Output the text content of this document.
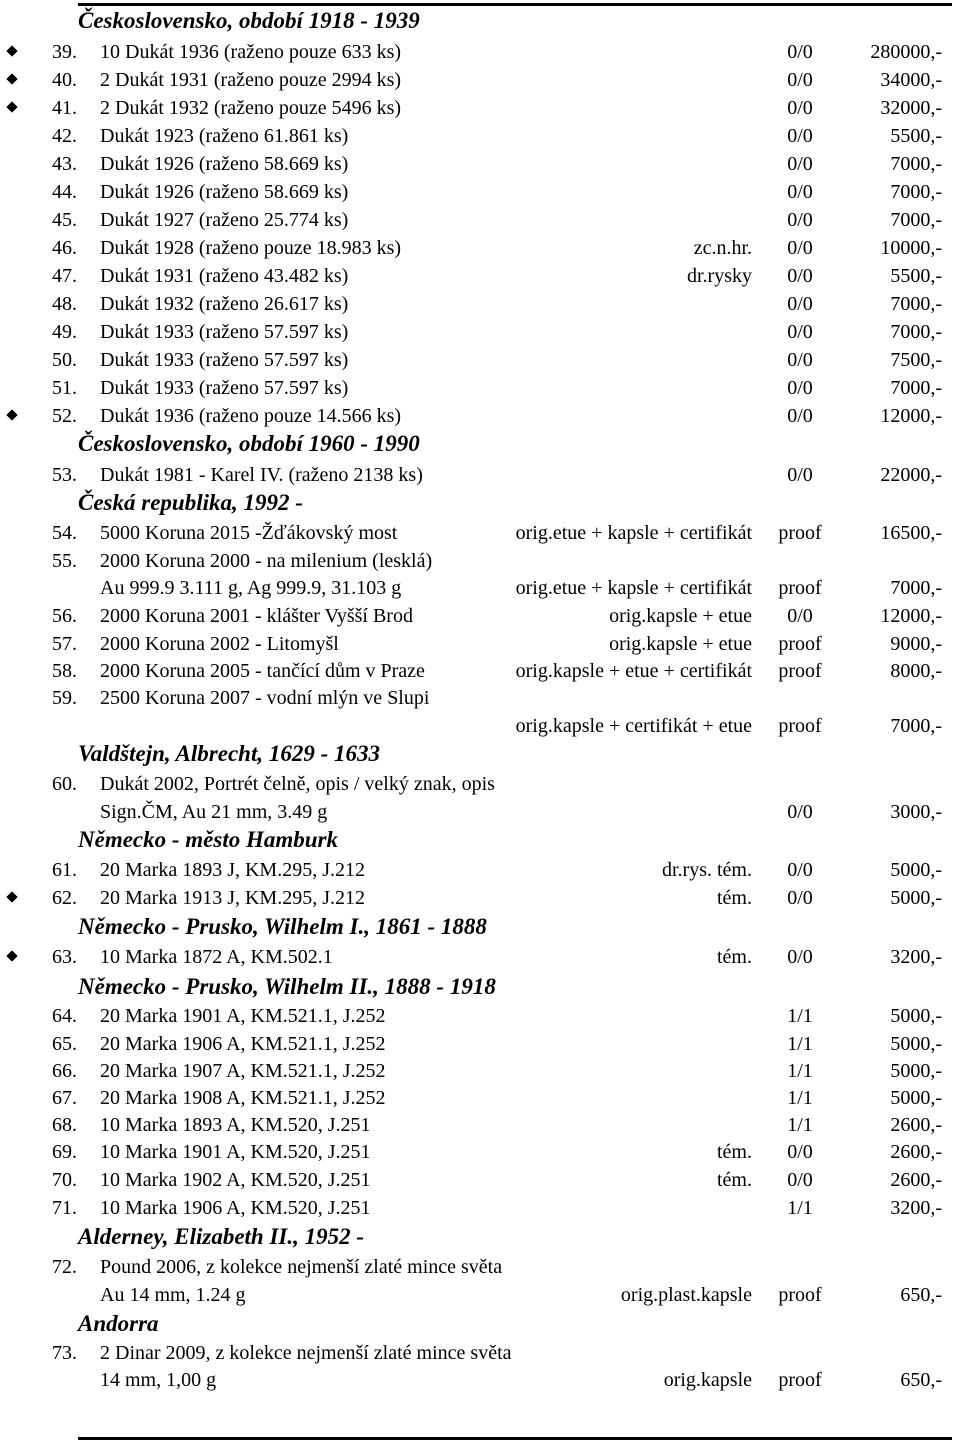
Československo, období 1918 - 1939
Československo, období 1960 - 1990
Česká republika, 1992 -
Valdštejn, Albrecht, 1629 - 1633
Německo - město Hamburk
Německo - Prusko, Wilhelm I., 1861 - 1888
Německo - Prusko, Wilhelm II., 1888 - 1918
Alderney, Elizabeth II., 1952 -
Andorra
39. 10 Dukát 1936 (raženo pouze 633 ks)	0/0	280000,-
40. 2 Dukát 1931 (raženo pouze 2994 ks)	0/0	34000,-
41. 2 Dukát 1932 (raženo pouze 5496 ks)	0/0	32000,-
42. Dukát 1923 (raženo 61.861 ks)	0/0	5500,-
43. Dukát 1926 (raženo 58.669 ks)	0/0	7000,-
44. Dukát 1926 (raženo 58.669 ks)	0/0	7000,-
45. Dukát 1927 (raženo 25.774 ks)	0/0	7000,-
46. Dukát 1928 (raženo pouze 18.983 ks)	zc.n.hr.	0/0	10000,-
47. Dukát 1931 (raženo 43.482 ks)	dr.rysky	0/0	5500,-
48. Dukát 1932 (raženo 26.617 ks)	0/0	7000,-
49. Dukát 1933 (raženo 57.597 ks)	0/0	7000,-
50. Dukát 1933 (raženo 57.597 ks)	0/0	7500,-
51. Dukát 1933 (raženo 57.597 ks)	0/0	7000,-
52. Dukát 1936 (raženo pouze 14.566 ks)	0/0	12000,-
53. Dukát 1981 - Karel IV. (raženo 2138 ks)	0/0	22000,-
54. 5000 Koruna 2015 -Žďákovský most	orig.etue + kapsle + certifikát	proof	16500,-
55. 2000 Koruna 2000 - na milenium (lesklá)
Au 999.9 3.111 g, Ag 999.9, 31.103 g	orig.etue + kapsle + certifikát	proof	7000,-
56. 2000 Koruna 2001 - klášter Vyšší Brod	orig.kapsle + etue	0/0	12000,-
57. 2000 Koruna 2002 - Litomyšl	orig.kapsle + etue	proof	9000,-
58. 2000 Koruna 2005 - tančící dům v Praze	orig.kapsle + etue + certifikát	proof	8000,-
59. 2500 Koruna 2007 - vodní mlýn ve Slupi
orig.kapsle + certifikát + etue	proof	7000,-
60. Dukát 2002, Portrét čelně, opis / velký znak, opis
Sign.ČM, Au 21 mm, 3.49 g	0/0	3000,-
61. 20 Marka 1893 J, KM.295, J.212	dr.rys. tém.	0/0	5000,-
62. 20 Marka 1913 J, KM.295, J.212	tém.	0/0	5000,-
63. 10 Marka 1872 A, KM.502.1	tém.	0/0	3200,-
64. 20 Marka 1901 A, KM.521.1, J.252	1/1	5000,-
65. 20 Marka 1906 A, KM.521.1, J.252	1/1	5000,-
66. 20 Marka 1907 A, KM.521.1, J.252	1/1	5000,-
67. 20 Marka 1908 A, KM.521.1, J.252	1/1	5000,-
68. 10 Marka 1893 A, KM.520, J.251	1/1	2600,-
69. 10 Marka 1901 A, KM.520, J.251	tém.	0/0	2600,-
70. 10 Marka 1902 A, KM.520, J.251	tém.	0/0	2600,-
71. 10 Marka 1906 A, KM.520, J.251	1/1	3200,-
72. Pound 2006, z kolekce nejmenší zlaté mince světa
Au 14 mm, 1.24 g	orig.plast.kapsle	proof	650,-
73. 2 Dinar 2009, z kolekce nejmenší zlaté mince světa
14 mm, 1,00 g	orig.kapsle	proof	650,-
